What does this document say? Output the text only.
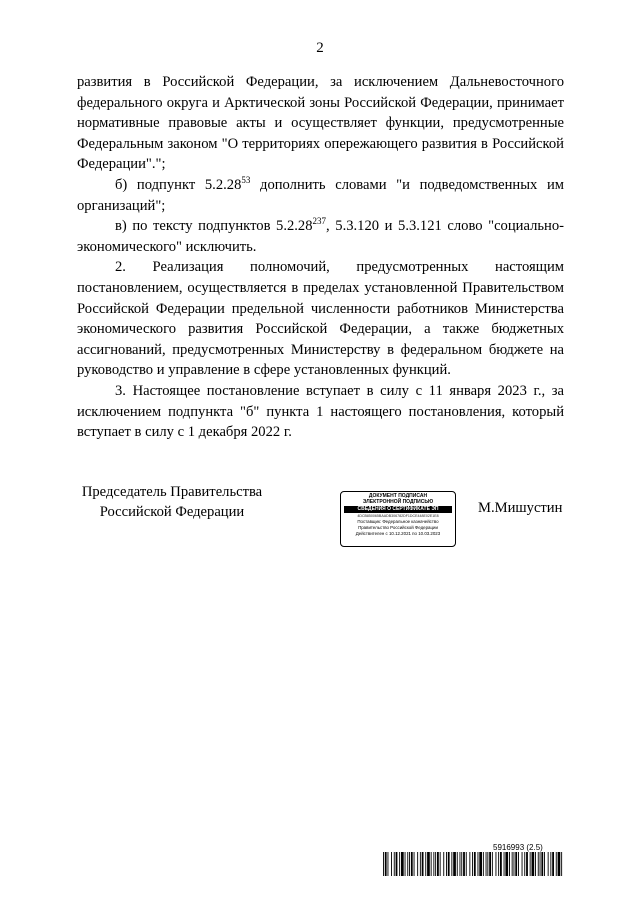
2

развития в Российской Федерации, за исключением Дальневосточного федерального округа и Арктической зоны Российской Федерации, принимает нормативные правовые акты и осуществляет функции, предусмотренные Федеральным законом "О территориях опережающего развития в Российской Федерации".";

б) подпункт 5.2.28$^{53}$ дополнить словами "и подведомственных им организаций";

в) по тексту подпунктов 5.2.28$^{237}$, 5.3.120 и 5.3.121 слово "социально-экономического" исключить.

2. Реализация полномочий, предусмотренных настоящим постановлением, осуществляется в пределах установленной Правительством Российской Федерации предельной численности работников Министерства экономического развития Российской Федерации, а также бюджетных ассигнований, предусмотренных Министерству в федеральном бюджете на руководство и управление в сфере установленных функций.

3. Настоящее постановление вступает в силу с 11 января 2023 г., за исключением подпункта "б" пункта 1 настоящего постановления, который вступает в силу с 1 декабря 2022 г.

Председатель Правительства
Российской Федерации
ДОКУМЕНТ ПОДПИСАН
ЭЛЕКТРОННОЙ ПОДПИСЬЮ
СВЕДЕНИЯ О СЕРТИФИКАТЕ ЭП
4DCB850065BAADB306782DF1DCE448E02E1E8
Поставщик: Федеральное казначейство
Правительство Российской Федерации
Действителен с 10.12.2021 по 10.03.2023
М.Мишустин
5916993 (2.5)
